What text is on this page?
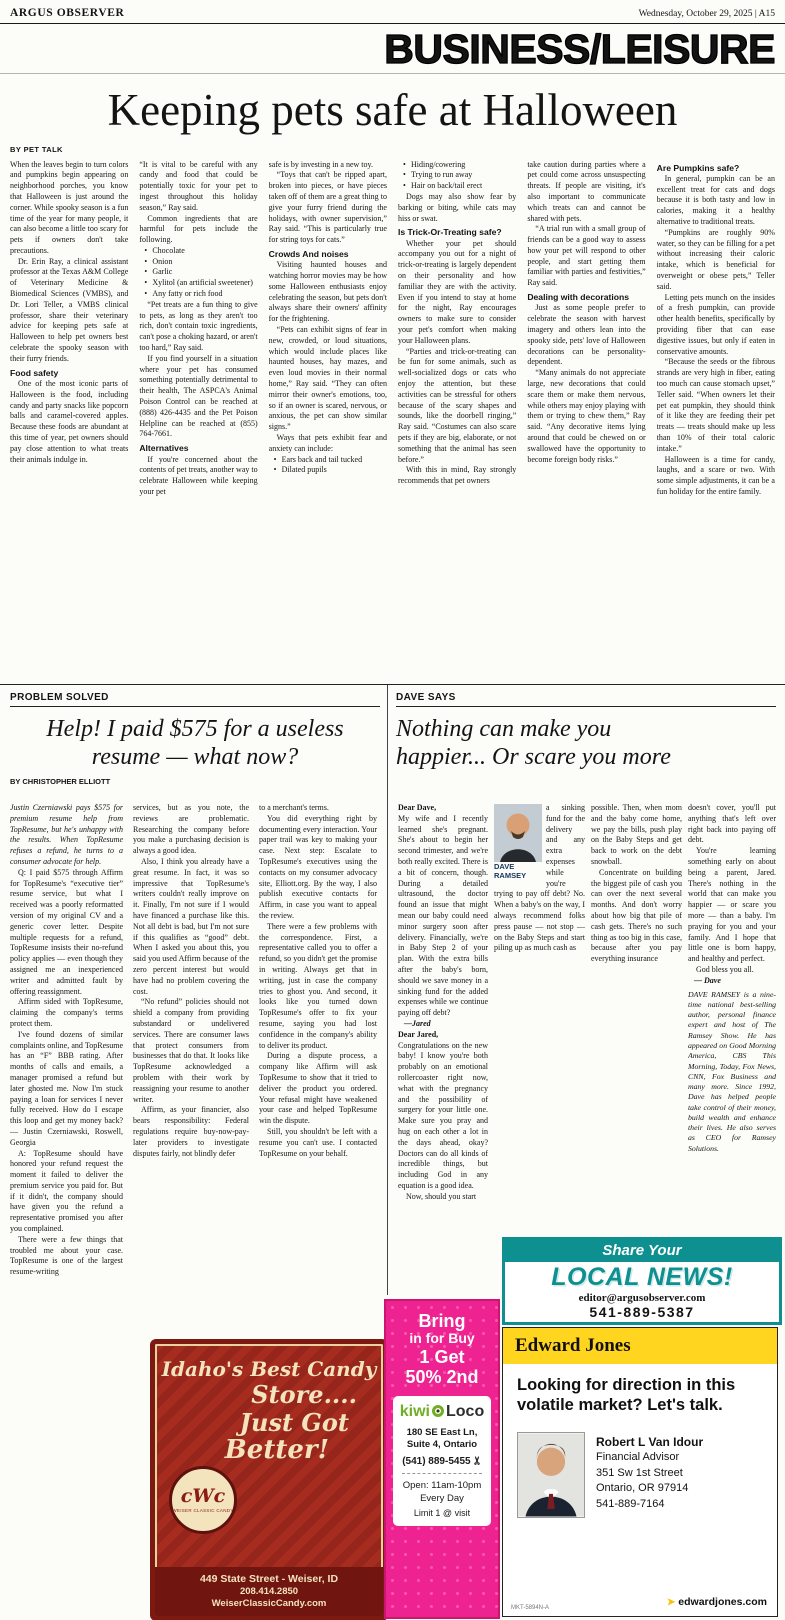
ARGUS OBSERVER	Wednesday, October 29, 2025 | A15
BUSINESS/LEISURE
Keeping pets safe at Halloween
BY PET TALK
When the leaves begin to turn colors and pumpkins begin appearing on neighborhood porches, you know that Halloween is just around the corner. While spooky season is a fun time of the year for many people, it can also become a little too scary for pets if owners don't take precautions.
Dr. Erin Ray, a clinical assistant professor at the Texas A&M College of Veterinary Medicine & Biomedical Sciences (VMBS), and Dr. Lori Teller, a VMBS clinical professor, share their veterinary advice for keeping pets safe at Halloween to help pet owners best celebrate the spooky season with their furry friends.
Food safety
One of the most iconic parts of Halloween is the food, including candy and party snacks like popcorn balls and caramel-covered apples. Because these foods are abundant at this time of year, pet owners should pay close attention to what treats their animals indulge in.
“It is vital to be careful with any candy and food that could be potentially toxic for your pet to ingest throughout this holiday season,” Ray said.
Common ingredients that are harmful for pets include the following.
• Chocolate
• Onion
• Garlic
• Xylitol (an artificial sweetener)
• Any fatty or rich food
“Pet treats are a fun thing to give to pets, as long as they aren't too rich, don't contain toxic ingredients, can't pose a choking hazard, or aren't too hard,” Ray said.
If you find yourself in a situation where your pet has consumed something potentially detrimental to their health, The ASPCA's Animal Poison Control can be reached at (888) 426-4435 and the Pet Poison Helpline can be reached at (855) 764-7661.
Alternatives
If you're concerned about the contents of pet treats, another way to celebrate Halloween while keeping your pet
safe is by investing in a new toy.
“Toys that can't be ripped apart, broken into pieces, or have pieces taken off of them are a great thing to give your furry friend during the holidays, with owner supervision,” Ray said. “This is particularly true for string toys for cats.”
Crowds And noises
Visiting haunted houses and watching horror movies may be how some Halloween enthusiasts enjoy celebrating the season, but pets don't always share their owners' affinity for the frightening.
“Pets can exhibit signs of fear in new, crowded, or loud situations, which would include places like haunted houses, hay mazes, and even loud movies in their normal home,” Ray said. “They can often mirror their owner's emotions, too, so if an owner is scared, nervous, or anxious, the pet can show similar signs.”
Ways that pets exhibit fear and anxiety can include:
• Ears back and tail tucked
• Dilated pupils
• Hiding/cowering
• Trying to run away
• Hair on back/tail erect
Dogs may also show fear by barking or biting, while cats may hiss or swat.
Is Trick-Or-Treating safe?
Whether your pet should accompany you out for a night of trick-or-treating is largely dependent on their personality and how familiar they are with the activity. Even if you intend to stay at home for the night, Ray encourages owners to make sure to consider your pet's comfort when making your Halloween plans.
“Parties and trick-or-treating can be fun for some animals, such as well-socialized dogs or cats who enjoy the attention, but these activities can be stressful for others because of the scary shapes and sounds, like the doorbell ringing,” Ray said. “Costumes can also scare pets if they are big, elaborate, or not something that the animal has seen before.”
With this in mind, Ray strongly recommends that pet owners
take caution during parties where a pet could come across unsuspecting threats. If people are visiting, it's also important to communicate which treats can and cannot be shared with pets.
“A trial run with a small group of friends can be a good way to assess how your pet will respond to other people, and start getting them familiar with parties and festivities,” Ray said.
Dealing with decorations
Just as some people prefer to celebrate the season with harvest imagery and others lean into the spooky side, pets' love of Halloween decorations can be personality-dependent.
“Many animals do not appreciate large, new decorations that could scare them or make them nervous, while others may enjoy playing with them or trying to chew them,” Ray said. “Any decorative items lying around that could be chewed on or swallowed have the opportunity to become foreign body risks.”
Are Pumpkins safe?
In general, pumpkin can be an excellent treat for cats and dogs because it is both tasty and low in calories, making it a healthy alternative to traditional treats.
“Pumpkins are roughly 90% water, so they can be filling for a pet without increasing their caloric intake, which is beneficial for overweight or obese pets,” Teller said.
Letting pets munch on the insides of a fresh pumpkin, can provide other health benefits, specifically by providing fiber that can ease digestive issues, but only if eaten in conservative amounts.
“Because the seeds or the fibrous strands are very high in fiber, eating too much can cause stomach upset,” Teller said. “When owners let their pet eat pumpkin, they should think of it like they are feeding their pet treats — treats should make up less than 10% of their total caloric intake.”
Halloween is a time for candy, laughs, and a scare or two. With some simple adjustments, it can be a fun holiday for the entire family.
PROBLEM SOLVED
Help! I paid $575 for a useless
resume — what now?
BY CHRISTOPHER ELLIOTT
Justin Czerniawski pays $575 for premium resume help from TopResume, but he's unhappy with the results. When TopResume refuses a refund, he turns to a consumer advocate for help.
Q: I paid $575 through Affirm for TopResume's “executive tier” resume service, but what I received was a poorly reformatted version of my original CV and a generic cover letter. Despite multiple requests for a refund, TopResume insists their no-refund policy applies — even though they assigned me an inexperienced writer and admitted fault by offering reassignment.
Affirm sided with TopResume, claiming the company's terms protect them.
I've found dozens of similar complaints online, and TopResume has an “F” BBB rating. After months of calls and emails, a manager promised a refund but later ghosted me. Now I'm stuck paying a loan for services I never fully received. How do I escape this loop and get my money back? — Justin Czerniawski, Roswell, Georgia
A: TopResume should have honored your refund request the moment it failed to deliver the premium service you paid for. But if it didn't, the company should have given you the refund a representative promised you after you complained.
There were a few things that troubled me about your case. TopResume is one of the largest resume-writing
services, but as you note, the reviews are problematic. Researching the company before you make a purchasing decision is always a good idea.
Also, I think you already have a great resume. In fact, it was so impressive that TopResume's writers couldn't really improve on it. Finally, I'm not sure if I would have financed a purchase like this. Not all debt is bad, but I'm not sure if this qualifies as “good” debt. When I asked you about this, you said you used Affirm because of the zero percent interest but would have had no problem covering the cost.
“No refund” policies should not shield a company from providing substandard or undelivered services. There are consumer laws that protect consumers from businesses that do that. It looks like TopResume acknowledged a problem with their work by reassigning your resume to another writer.
Affirm, as your financier, also bears responsibility: Federal regulations require buy-now-pay-later providers to investigate disputes fairly, not blindly defer
to a merchant's terms.
You did everything right by documenting every interaction. Your paper trail was key to making your case. Next step: Escalate to TopResume's executives using the contacts on my consumer advocacy site, Elliott.org. By the way, I also publish executive contacts for Affirm, in case you want to appeal the review.
There were a few problems with the correspondence. First, a representative called you to offer a refund, so you didn't get the promise in writing. Always get that in writing, just in case the company tries to ghost you. And second, it looks like you turned down TopResume's offer to fix your resume, saying you had lost confidence in the company's ability to deliver its product.
During a dispute process, a company like Affirm will ask TopResume to show that it tried to deliver the product you ordered. Your refusal might have weakened your case and helped TopResume win the dispute.
Still, you shouldn't be left with a resume you can't use. I contacted TopResume on your behalf.
DAVE SAYS
Nothing can make you
happier... Or scare you more
Dear Dave,
My wife and I recently learned she's pregnant. She's about to begin her second trimester, and we're both really excited. There is a bit of concern, though. During a detailed ultrasound, the doctor found an issue that might mean our baby could need minor surgery soon after delivery. Financially, we're in Baby Step 2 of your plan. With the extra bills after the baby's born, should we save money in a sinking fund for the added expenses while we continue paying off debt?
—Jared
Dear Jared,
Congratulations on the new baby! I know you're both probably on an emotional rollercoaster right now, what with the pregnancy and the possibility of surgery for your little one. Make sure you pray and hug on each other a lot in the days ahead, okay? Doctors can do all kinds of incredible things, but including God in any equation is a good idea.
Now, should you start
DAVE RAMSEY
a sinking fund for the delivery and any extra expenses while you're trying to pay off debt? No. When a baby's on the way, I always recommend folks press pause — not stop — on the Baby Steps and start piling up as much cash as
possible. Then, when mom and the baby come home, we pay the bills, push play on the Baby Steps and get back to work on the debt snowball.
Concentrate on building the biggest pile of cash you can over the next several months. And don't worry about how big that pile of cash gets. There's no such thing as too big in this case, because after you pay everything insurance
doesn't cover, you'll put anything that's left over right back into paying off debt.
You're learning something early on about being a parent, Jared. There's nothing in the world that can make you happier — or scare you more — than a baby. I'm praying for you and your family. And I hope that little one is born happy, and healthy and perfect.
God bless you all.
— Dave
DAVE RAMSEY is a nine-time national best-selling author, personal finance expert and host of The Ramsey Show. He has appeared on Good Morning America, CBS This Morning, Today, Fox News, CNN, Fox Business and many more. Since 1992, Dave has helped people take control of their money, build wealth and enhance their lives. He also serves as CEO for Ramsey Solutions.
Idaho's Best Candy
Store....
Just Got
Better!
cWc
WEISER CLASSIC CANDY
449 State Street - Weiser, ID
208.414.2850
WeiserClassicCandy.com
Bring
in for Buy
1 Get
50% 2nd
kiwi Loco
180 SE East Ln,
Suite 4, Ontario
(541) 889-5455✂
Open: 11am-10pm
Every Day
Limit 1 @ visit
Share Your
LOCAL NEWS!
editor@argusobserver.com
541-889-5387
Edward Jones
Looking for direction in this volatile market? Let's talk.
Robert L Van Idour
Financial Advisor
351 Sw 1st Street
Ontario, OR 97914
541-889-7164
MKT-5894N-A	➤ edwardjones.com
